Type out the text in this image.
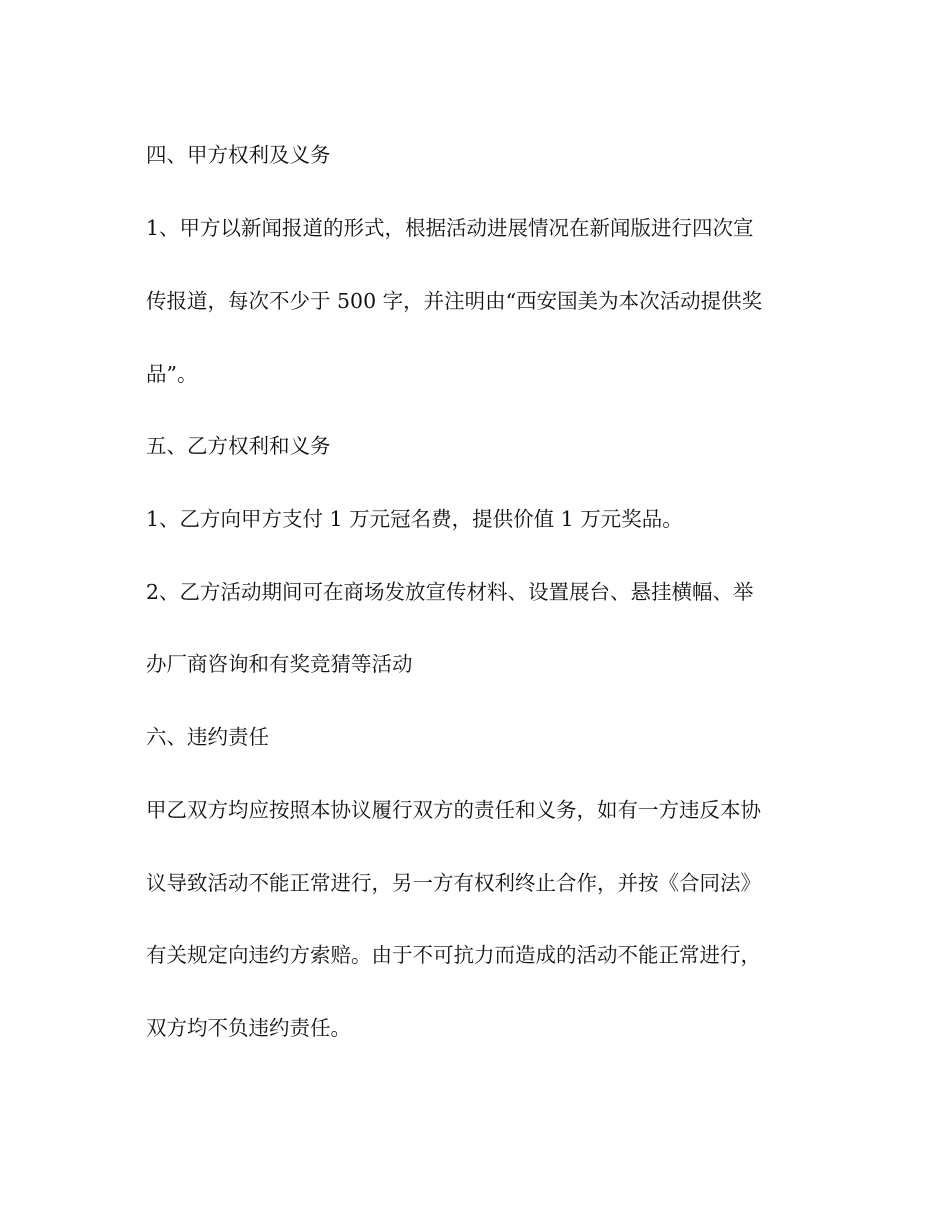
四、甲方权利及义务

1、甲方以新闻报道的形式，根据活动进展情况在新闻版进行四次宣

传报道，每次不少于 500 字，并注明由“西安国美为本次活动提供奖

品”。

五、乙方权利和义务

1、乙方向甲方支付 1 万元冠名费，提供价值 1 万元奖品。

2、乙方活动期间可在商场发放宣传材料、设置展台、悬挂横幅、举

办厂商咨询和有奖竞猜等活动

六、违约责任

甲乙双方均应按照本协议履行双方的责任和义务，如有一方违反本协

议导致活动不能正常进行，另一方有权利终止合作，并按《合同法》

有关规定向违约方索赔。由于不可抗力而造成的活动不能正常进行，

双方均不负违约责任。
